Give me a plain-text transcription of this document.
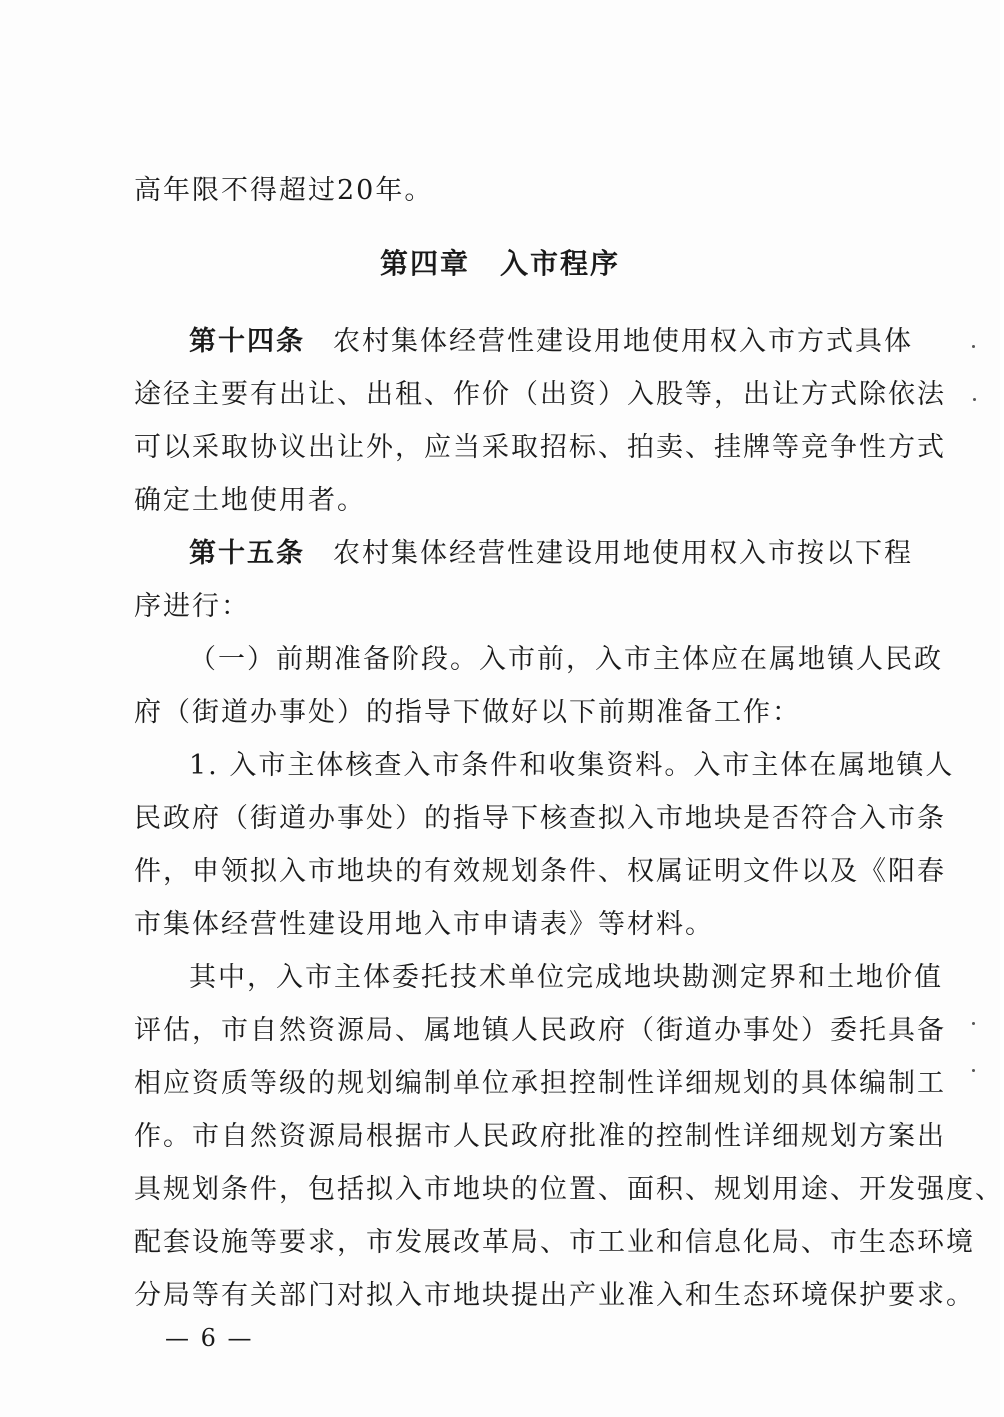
高年限不得超过20年。
第四章　入市程序
第十四条 农村集体经营性建设用地使用权入市方式具体
途径主要有出让、出租、作价（出资）入股等，出让方式除依法
可以采取协议出让外，应当采取招标、拍卖、挂牌等竞争性方式
确定土地使用者。
第十五条 农村集体经营性建设用地使用权入市按以下程
序进行：
（一）前期准备阶段。入市前，入市主体应在属地镇人民政
府（街道办事处）的指导下做好以下前期准备工作：
1. 入市主体核查入市条件和收集资料。入市主体在属地镇人
民政府（街道办事处）的指导下核查拟入市地块是否符合入市条
件，申领拟入市地块的有效规划条件、权属证明文件以及《阳春
市集体经营性建设用地入市申请表》等材料。
其中，入市主体委托技术单位完成地块勘测定界和土地价值
评估，市自然资源局、属地镇人民政府（街道办事处）委托具备
相应资质等级的规划编制单位承担控制性详细规划的具体编制工
作。市自然资源局根据市人民政府批准的控制性详细规划方案出
具规划条件，包括拟入市地块的位置、面积、规划用途、开发强度、
配套设施等要求，市发展改革局、市工业和信息化局、市生态环境
分局等有关部门对拟入市地块提出产业准入和生态环境保护要求。
— 6 —
